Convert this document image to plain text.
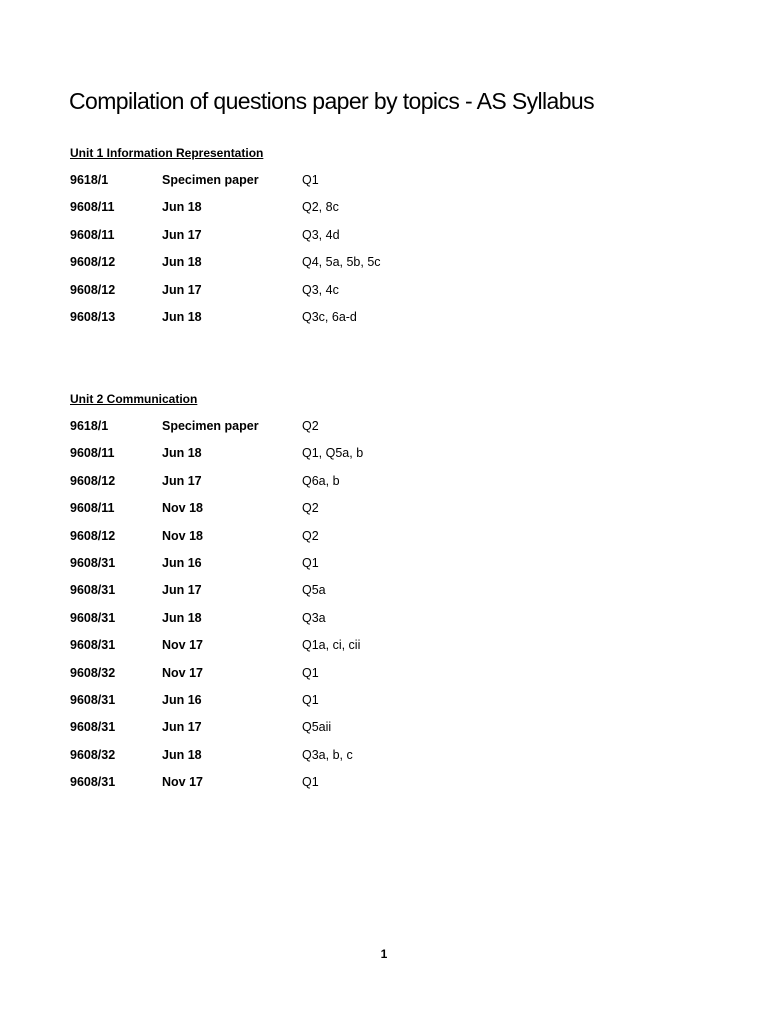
Compilation of questions paper by topics - AS Syllabus
Unit 1 Information Representation
9618/1	Specimen paper	Q1
9608/11	Jun 18	Q2, 8c
9608/11	Jun 17	Q3, 4d
9608/12	Jun 18	Q4, 5a, 5b, 5c
9608/12	Jun 17	Q3, 4c
9608/13	Jun 18	Q3c, 6a-d
Unit 2 Communication
9618/1	Specimen paper	Q2
9608/11	Jun 18	Q1, Q5a, b
9608/12	Jun 17	Q6a, b
9608/11	Nov 18	Q2
9608/12	Nov 18	Q2
9608/31	Jun 16	Q1
9608/31	Jun 17	Q5a
9608/31	Jun 18	Q3a
9608/31	Nov 17	Q1a, ci, cii
9608/32	Nov 17	Q1
9608/31	Jun 16	Q1
9608/31	Jun 17	Q5aii
9608/32	Jun 18	Q3a, b, c
9608/31	Nov 17	Q1
1
